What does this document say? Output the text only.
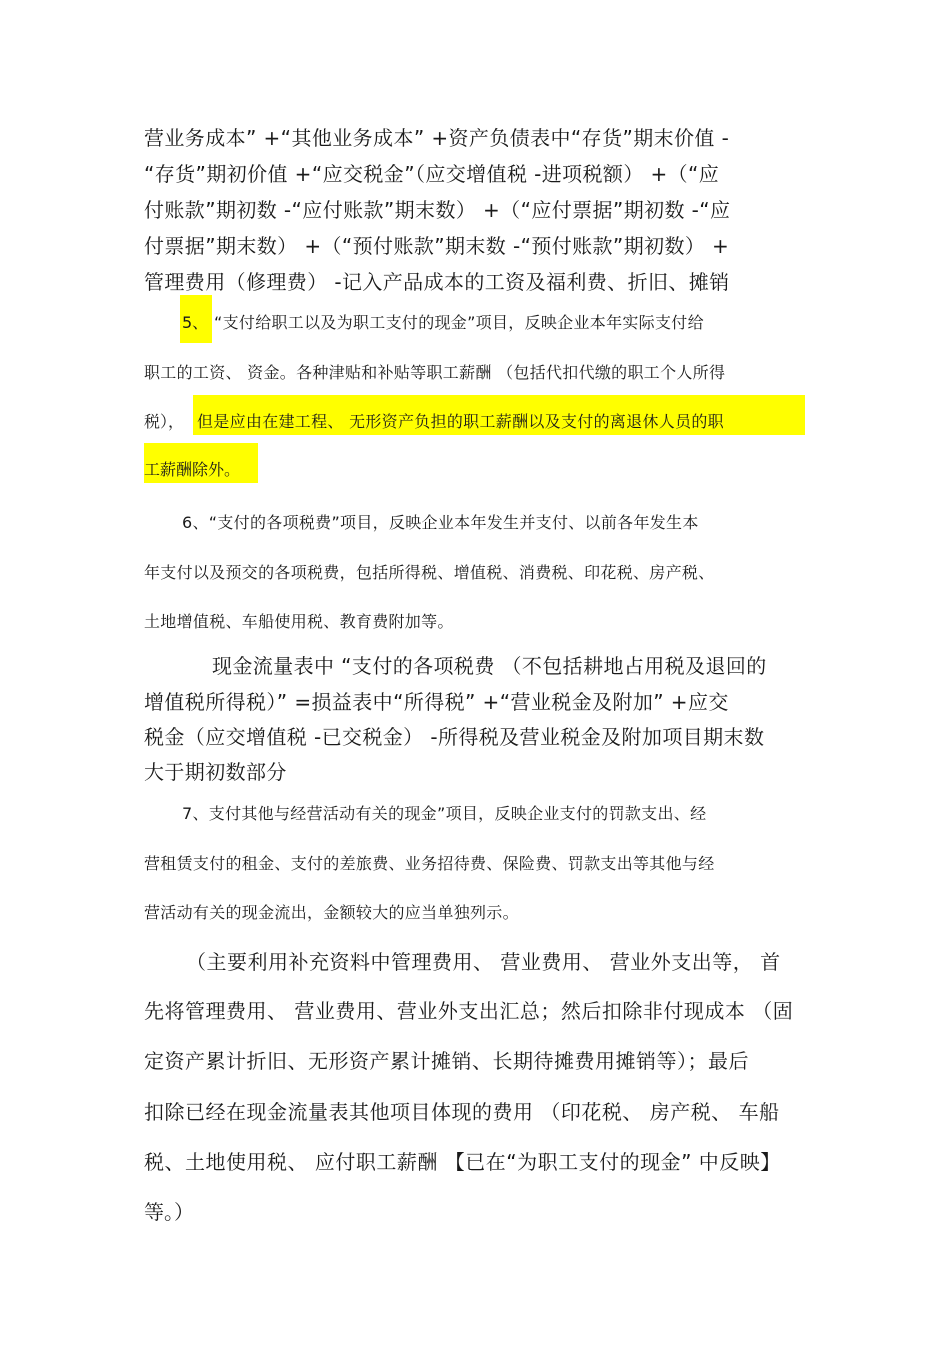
营业务成本” +“其他业务成本” +资产负债表中“存货”期末价值 -
“存货”期初价值 +“应交税金”（应交增值税 -进项税额） +（“应
付账款”期初数 -“应付账款”期末数） +（“应付票据”期初数 -“应
付票据”期末数） +（“预付账款”期末数 -“预付账款”期初数） +
管理费用（修理费） -记入产品成本的工资及福利费、折旧、摊销
5、 “支付给职工以及为职工支付的现金”项目，反映企业本年实际支付给
职工的工资、 资金。各种津贴和补贴等职工薪酬 （包括代扣代缴的职工个人所得
税）， 但是应由在建工程、 无形资产负担的职工薪酬以及支付的离退休人员的职
工薪酬除外。
6、“支付的各项税费”项目，反映企业本年发生并支付、以前各年发生本
年支付以及预交的各项税费，包括所得税、增值税、消费税、印花税、房产税、
土地增值税、车船使用税、教育费附加等。
现金流量表中 “支付的各项税费 （不包括耕地占用税及退回的
增值税所得税）” =损益表中“所得税” +“营业税金及附加” +应交
税金（应交增值税 -已交税金） -所得税及营业税金及附加项目期末数
大于期初数部分
7、支付其他与经营活动有关的现金”项目，反映企业支付的罚款支出、经
营租赁支付的租金、支付的差旅费、业务招待费、保险费、罚款支出等其他与经
营活动有关的现金流出，金额较大的应当单独列示。
（主要利用补充资料中管理费用、 营业费用、 营业外支出等， 首
先将管理费用、 营业费用、营业外支出汇总；然后扣除非付现成本 （固
定资产累计折旧、无形资产累计摊销、长期待摊费用摊销等）；最后
扣除已经在现金流量表其他项目体现的费用 （印花税、 房产税、 车船
税、土地使用税、 应付职工薪酬 【已在“为职工支付的现金” 中反映】
等。）
